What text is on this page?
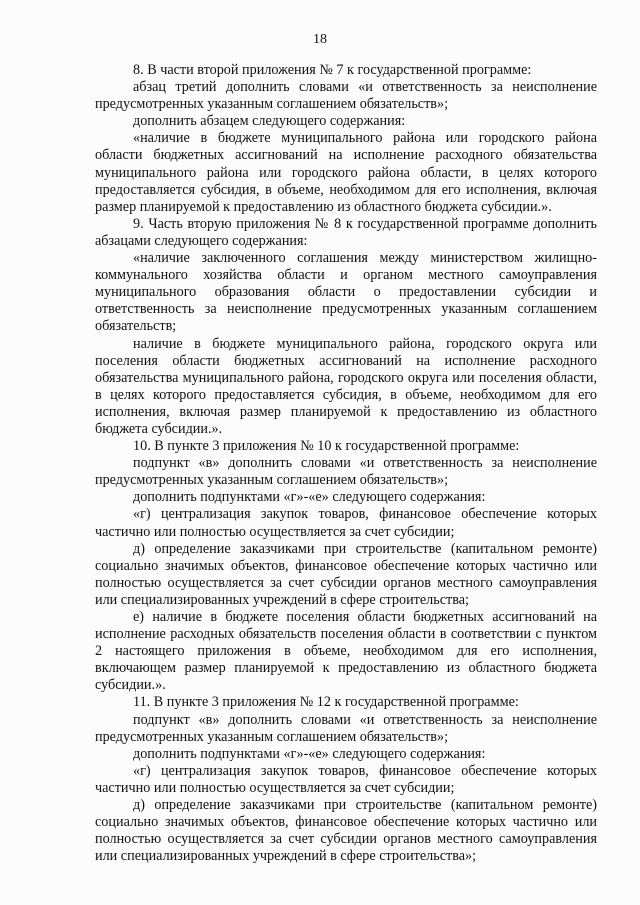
18

8. В части второй приложения № 7 к государственной программе:

абзац третий дополнить словами «и ответственность за неисполнение предусмотренных указанным соглашением обязательств»;

дополнить абзацем следующего содержания:

«наличие в бюджете муниципального района или городского района области бюджетных ассигнований на исполнение расходного обязательства муниципального района или городского района области, в целях которого предоставляется субсидия, в объеме, необходимом для его исполнения, включая размер планируемой к предоставлению из областного бюджета субсидии.».

9. Часть вторую приложения № 8 к государственной программе дополнить абзацами следующего содержания:

«наличие заключенного соглашения между министерством жилищно-коммунального хозяйства области и органом местного самоуправления муниципального образования области о предоставлении субсидии и ответственность за неисполнение предусмотренных указанным соглашением обязательств;

наличие в бюджете муниципального района, городского округа или поселения области бюджетных ассигнований на исполнение расходного обязательства муниципального района, городского округа или поселения области, в целях которого предоставляется субсидия, в объеме, необходимом для его исполнения, включая размер планируемой к предоставлению из областного бюджета субсидии.».

10. В пункте 3 приложения № 10 к государственной программе:

подпункт «в» дополнить словами «и ответственность за неисполнение предусмотренных указанным соглашением обязательств»;

дополнить подпунктами «г»-«е» следующего содержания:

«г) централизация закупок товаров, финансовое обеспечение которых частично или полностью осуществляется за счет субсидии;

д) определение заказчиками при строительстве (капитальном ремонте) социально значимых объектов, финансовое обеспечение которых частично или полностью осуществляется за счет субсидии органов местного самоуправления или специализированных учреждений в сфере строительства;

е) наличие в бюджете поселения области бюджетных ассигнований на исполнение расходных обязательств поселения области в соответствии с пунктом 2 настоящего приложения в объеме, необходимом для его исполнения, включающем размер планируемой к предоставлению из областного бюджета субсидии.».

11. В пункте 3 приложения № 12 к государственной программе:

подпункт «в» дополнить словами «и ответственность за неисполнение предусмотренных указанным соглашением обязательств»;

дополнить подпунктами «г»-«е» следующего содержания:

«г) централизация закупок товаров, финансовое обеспечение которых частично или полностью осуществляется за счет субсидии;

д) определение заказчиками при строительстве (капитальном ремонте) социально значимых объектов, финансовое обеспечение которых частично или полностью осуществляется за счет субсидии органов местного самоуправления или специализированных учреждений в сфере строительства»;
